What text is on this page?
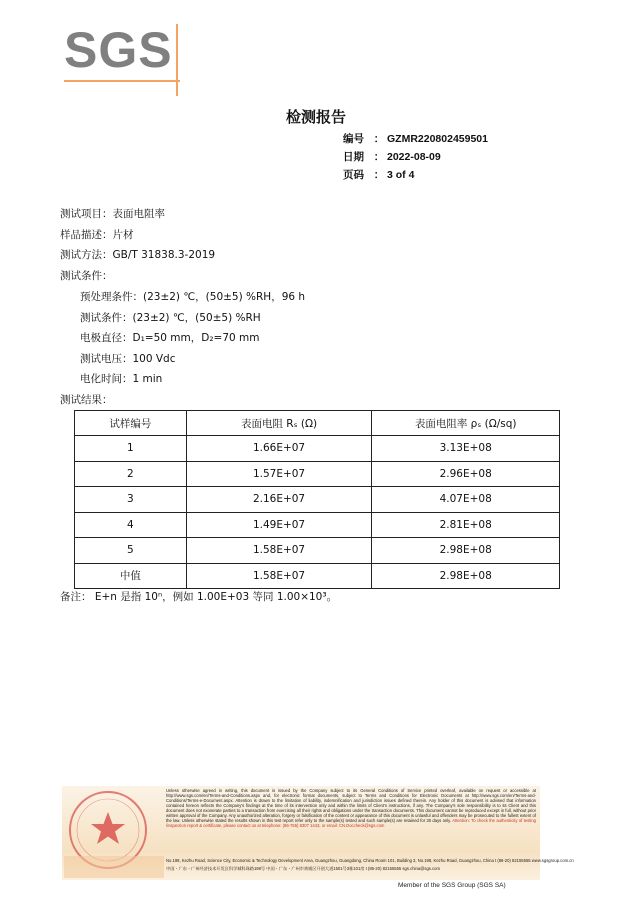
SGS
检测报告
编号 ： GZMR220802459501
日期 ： 2022-08-09
页码 ： 3 of 4
测试项目：表面电阻率
样品描述：片材
测试方法：GB/T 31838.3-2019
测试条件：
预处理条件：(23±2) ℃，(50±5) %RH，96 h
测试条件：(23±2) ℃，(50±5) %RH
电极直径：D₁=50 mm，D₂=70 mm
测试电压：100 Vdc
电化时间：1 min
测试结果：
试样编号	表面电阻 Rₛ (Ω)	表面电阻率 ρₛ (Ω/sq)
1	1.66E+07	3.13E+08
2	1.57E+07	2.96E+08
3	2.16E+07	4.07E+08
4	1.49E+07	2.81E+08
5	1.58E+07	2.98E+08
中值	1.58E+07	2.98E+08
备注： E+n 是指 10ⁿ，例如 1.00E+03 等同 1.00×10³。
Unless otherwise agreed in writing, this document is issued by the Company subject to its General Conditions of Service printed overleaf, available on request or accessible at http://www.sgs.com/en/Terms-and-Conditions.aspx and, for electronic format documents, subject to Terms and Conditions for Electronic Documents at http://www.sgs.com/en/Terms-and-Conditions/Terms-e-Document.aspx. Attention is drawn to the limitation of liability, indemnification and jurisdiction issues defined therein. Any holder of this document is advised that information contained hereon reflects the Company's findings at the time of its intervention only and within the limits of Client's instructions, if any. The Company's sole responsibility is to its Client and this document does not exonerate parties to a transaction from exercising all their rights and obligations under the transaction documents. This document cannot be reproduced except in full, without prior written approval of the Company. Any unauthorized alteration, forgery or falsification of the content or appearance of this document is unlawful and offenders may be prosecuted to the fullest extent of the law. Unless otherwise stated the results shown in this test report refer only to the sample(s) tested and such sample(s) are retained for 30 days only. Attention: To check the authenticity of testing /inspection report & certificate, please contact us at telephone: (86-755) 8307 1443, or email: CN.Doccheck@sgs.com
No.198, Kezhu Road, Science City, Economic & Technology Development Area, Guangzhou, Guangdong, China Room 101, Building 3, No.198, Kezhu Road, Guangzhou, China t (86-20) 82155555 www.sgsgroup.com.cn
中国・广东・广州经济技术开发区科学城科珠路198号 中国・广东・广州市黄埔区开创大道1501号3栋101房 t (86-20) 82155555 sgs.china@sgs.com
Member of the SGS Group (SGS SA)
